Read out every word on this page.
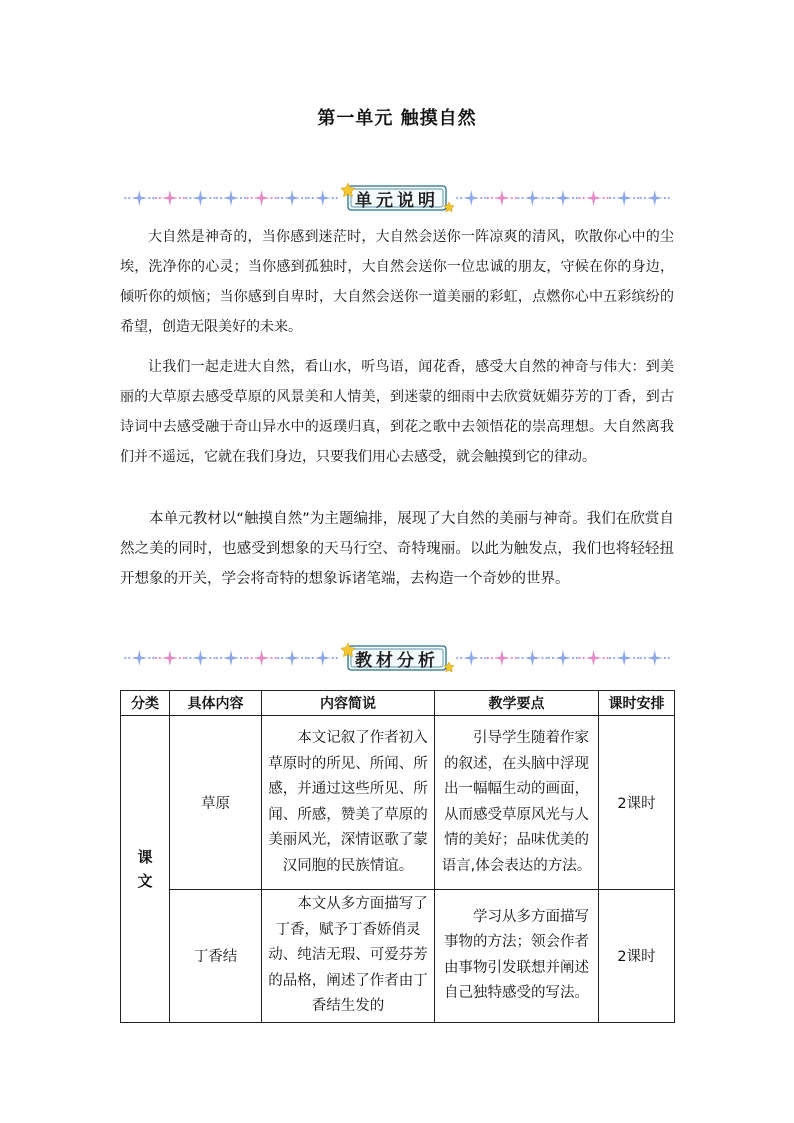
第一单元 触摸自然
单元说明

大自然是神奇的，当你感到迷茫时，大自然会送你一阵凉爽的清风，吹散你心中的尘埃，洗净你的心灵；当你感到孤独时，大自然会送你一位忠诚的朋友，守候在你的身边，倾听你的烦恼；当你感到自卑时，大自然会送你一道美丽的彩虹，点燃你心中五彩缤纷的希望，创造无限美好的未来。

让我们一起走进大自然，看山水，听鸟语，闻花香，感受大自然的神奇与伟大：到美丽的大草原去感受草原的风景美和人情美，到迷蒙的细雨中去欣赏妩媚芬芳的丁香，到古诗词中去感受融于奇山异水中的返璞归真，到花之歌中去领悟花的崇高理想。大自然离我们并不遥远，它就在我们身边，只要我们用心去感受，就会触摸到它的律动。

本单元教材以“触摸自然”为主题编排，展现了大自然的美丽与神奇。我们在欣赏自然之美的同时，也感受到想象的天马行空、奇特瑰丽。以此为触发点，我们也将轻轻扭开想象的开关，学会将奇特的想象诉诸笔端，去构造一个奇妙的世界。

教材分析
分类	具体内容	内容简说	教学要点	课时安排
课
文	草原	本文记叙了作者初入草原时的所见、所闻、所感，并通过这些所见、所闻、所感，赞美了草原的美丽风光，深情讴歌了蒙汉同胞的民族情谊。	引导学生随着作家的叙述，在头脑中浮现出一幅幅生动的画面，从而感受草原风光与人情的美好；品味优美的语言,体会表达的方法。	2课时
	丁香结	本文从多方面描写了丁香，赋予丁香娇俏灵动、纯洁无瑕、可爱芬芳的品格，阐述了作者由丁香结生发的	学习从多方面描写事物的方法；领会作者由事物引发联想并阐述自己独特感受的写法。	2课时
